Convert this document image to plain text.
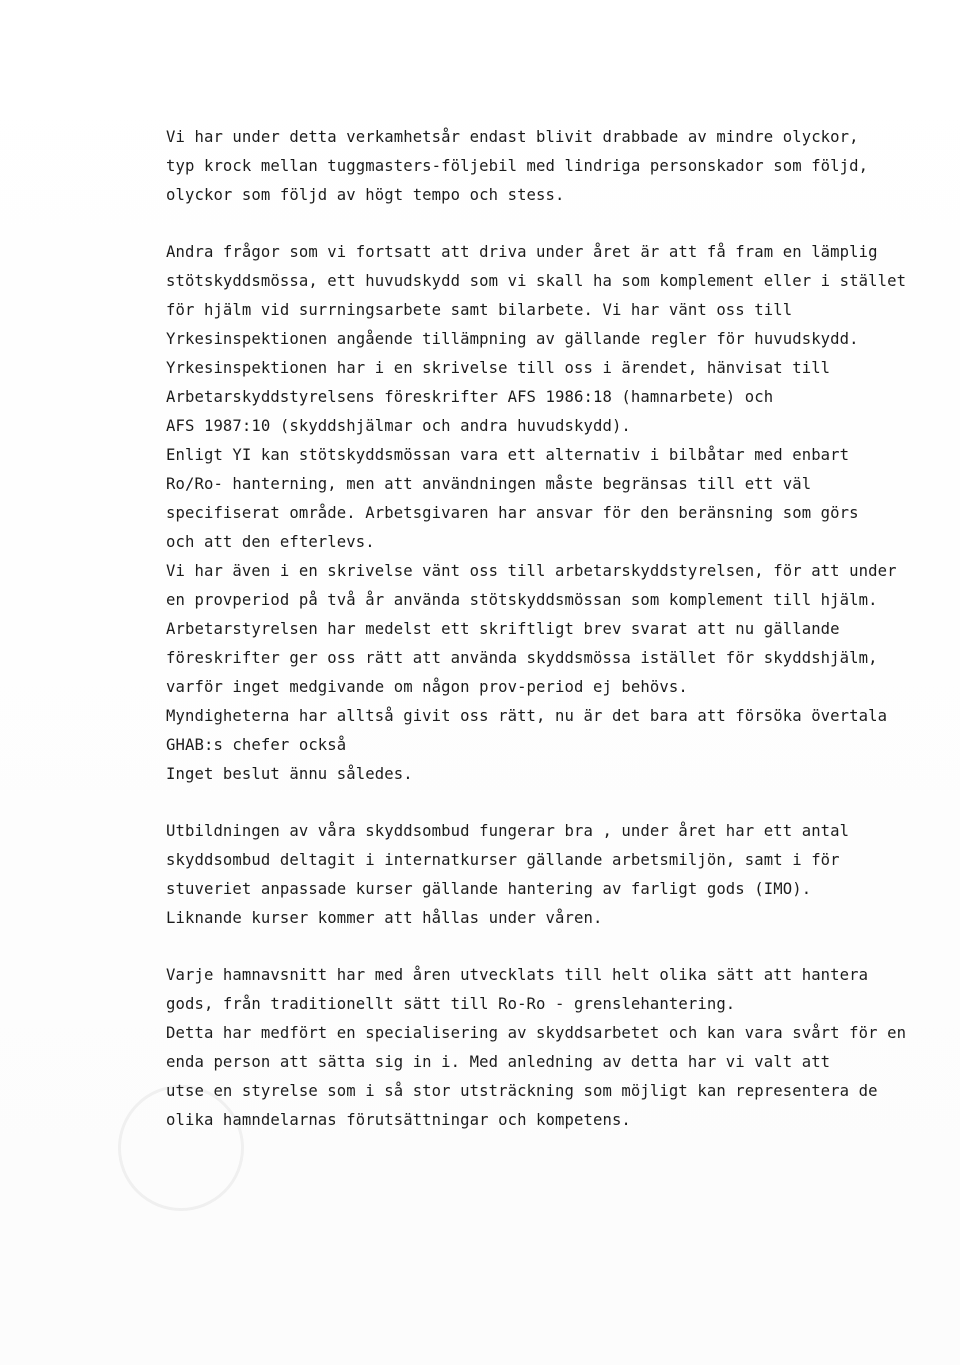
Vi har under detta verkamhetsår endast blivit drabbade av mindre olyckor,
typ krock mellan tuggmasters-följebil med lindriga personskador som följd,
olyckor som följd av högt tempo och stess.
Andra frågor som vi fortsatt att driva under året är att få fram en lämplig
stötskyddsmössa, ett huvudskydd som vi skall ha som komplement eller i stället
för hjälm vid surrningsarbete samt bilarbete. Vi har vänt oss till
Yrkesinspektionen angående tillämpning av gällande regler för huvudskydd.
Yrkesinspektionen har i en skrivelse till oss i ärendet, hänvisat till
Arbetarskyddstyrelsens föreskrifter AFS 1986:18 (hamnarbete) och
AFS 1987:10 (skyddshjälmar och andra huvudskydd).
Enligt YI kan stötskyddsmössan vara ett alternativ i bilbåtar med enbart
Ro/Ro- hanterning, men att användningen måste begränsas till ett väl
specifiserat område. Arbetsgivaren har ansvar för den beränsning som görs
och att den efterlevs.
Vi har även i en skrivelse vänt oss till arbetarskyddstyrelsen, för att under
en provperiod på två år använda stötskyddsmössan som komplement till hjälm.
Arbetarstyrelsen har medelst ett skriftligt brev svarat att nu gällande
föreskrifter ger oss rätt att använda skyddsmössa istället för skyddshjälm,
varför inget medgivande om någon prov-period ej behövs.
Myndigheterna har alltså givit oss rätt, nu är det bara att försöka övertala
GHAB:s chefer också
Inget beslut ännu således.
Utbildningen av våra skyddsombud fungerar bra , under året har ett antal
skyddsombud deltagit i internatkurser gällande arbetsmiljön, samt i för
stuveriet anpassade kurser gällande hantering av farligt gods (IMO).
Liknande kurser kommer att hållas under våren.
Varje hamnavsnitt har med åren utvecklats till helt olika sätt att hantera
gods, från traditionellt sätt till Ro-Ro - grenslehantering.
Detta har medfört en specialisering av skyddsarbetet och kan vara svårt för en
enda person att sätta sig in i. Med anledning av detta har vi valt att
utse en styrelse som i så stor utsträckning som möjligt kan representera de
olika hamndelarnas förutsättningar och kompetens.
